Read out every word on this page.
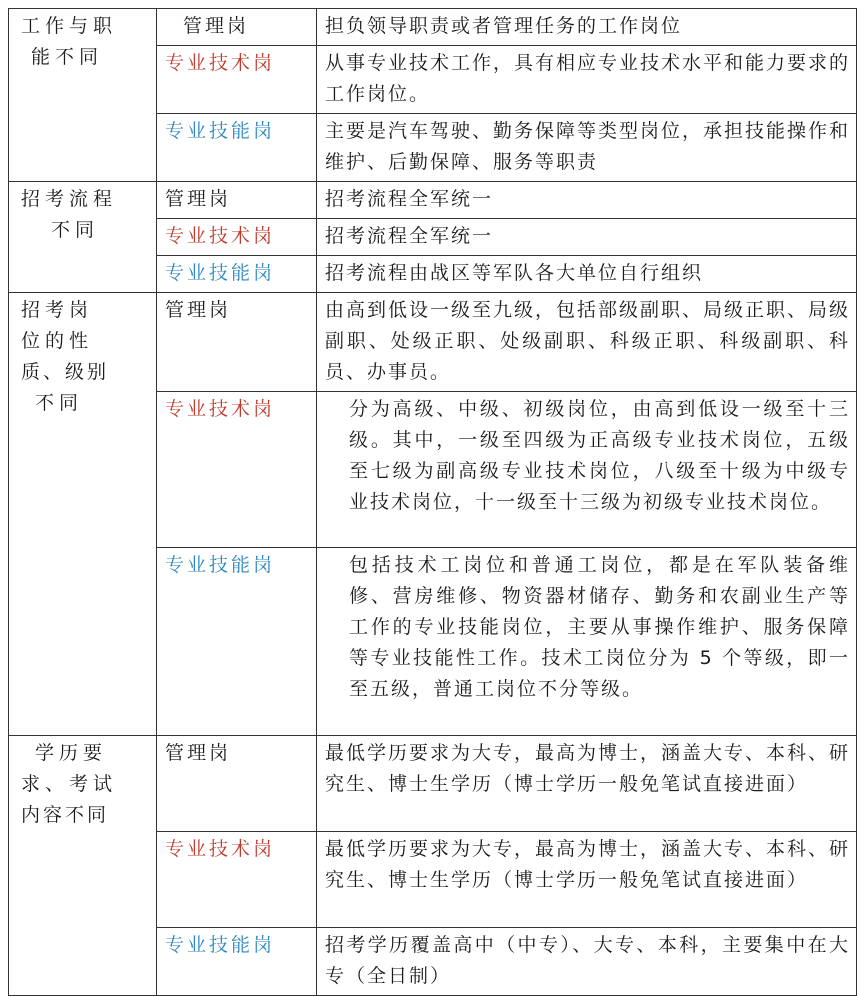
工作与职
能不同	管理岗	担负领导职责或者管理任务的工作岗位
	专业技术岗	从事专业技术工作，具有相应专业技术水平和能力要求的工作岗位。
	专业技能岗	主要是汽车驾驶、勤务保障等类型岗位，承担技能操作和维护、后勤保障、服务等职责

招考流程
不同	管理岗	招考流程全军统一
	专业技术岗	招考流程全军统一
	专业技能岗	招考流程由战区等军队各大单位自行组织

招考岗
位的性
质、级别
不同	管理岗	由高到低设一级至九级，包括部级副职、局级正职、局级副职、处级正职、处级副职、科级正职、科级副职、科员、办事员。
	专业技术岗	分为高级、中级、初级岗位，由高到低设一级至十三级。其中，一级至四级为正高级专业技术岗位，五级至七级为副高级专业技术岗位，八级至十级为中级专业技术岗位，十一级至十三级为初级专业技术岗位。
	专业技能岗	包括技术工岗位和普通工岗位，都是在军队装备维修、营房维修、物资器材储存、勤务和农副业生产等工作的专业技能岗位，主要从事操作维护、服务保障等专业技能性工作。技术工岗位分为 5 个等级，即一至五级，普通工岗位不分等级。

学历要
求、考试
内容不同	管理岗	最低学历要求为大专，最高为博士，涵盖大专、本科、研究生、博士生学历（博士学历一般免笔试直接进面）
	专业技术岗	最低学历要求为大专，最高为博士，涵盖大专、本科、研究生、博士生学历（博士学历一般免笔试直接进面）
	专业技能岗	招考学历覆盖高中（中专）、大专、本科，主要集中在大专（全日制）
